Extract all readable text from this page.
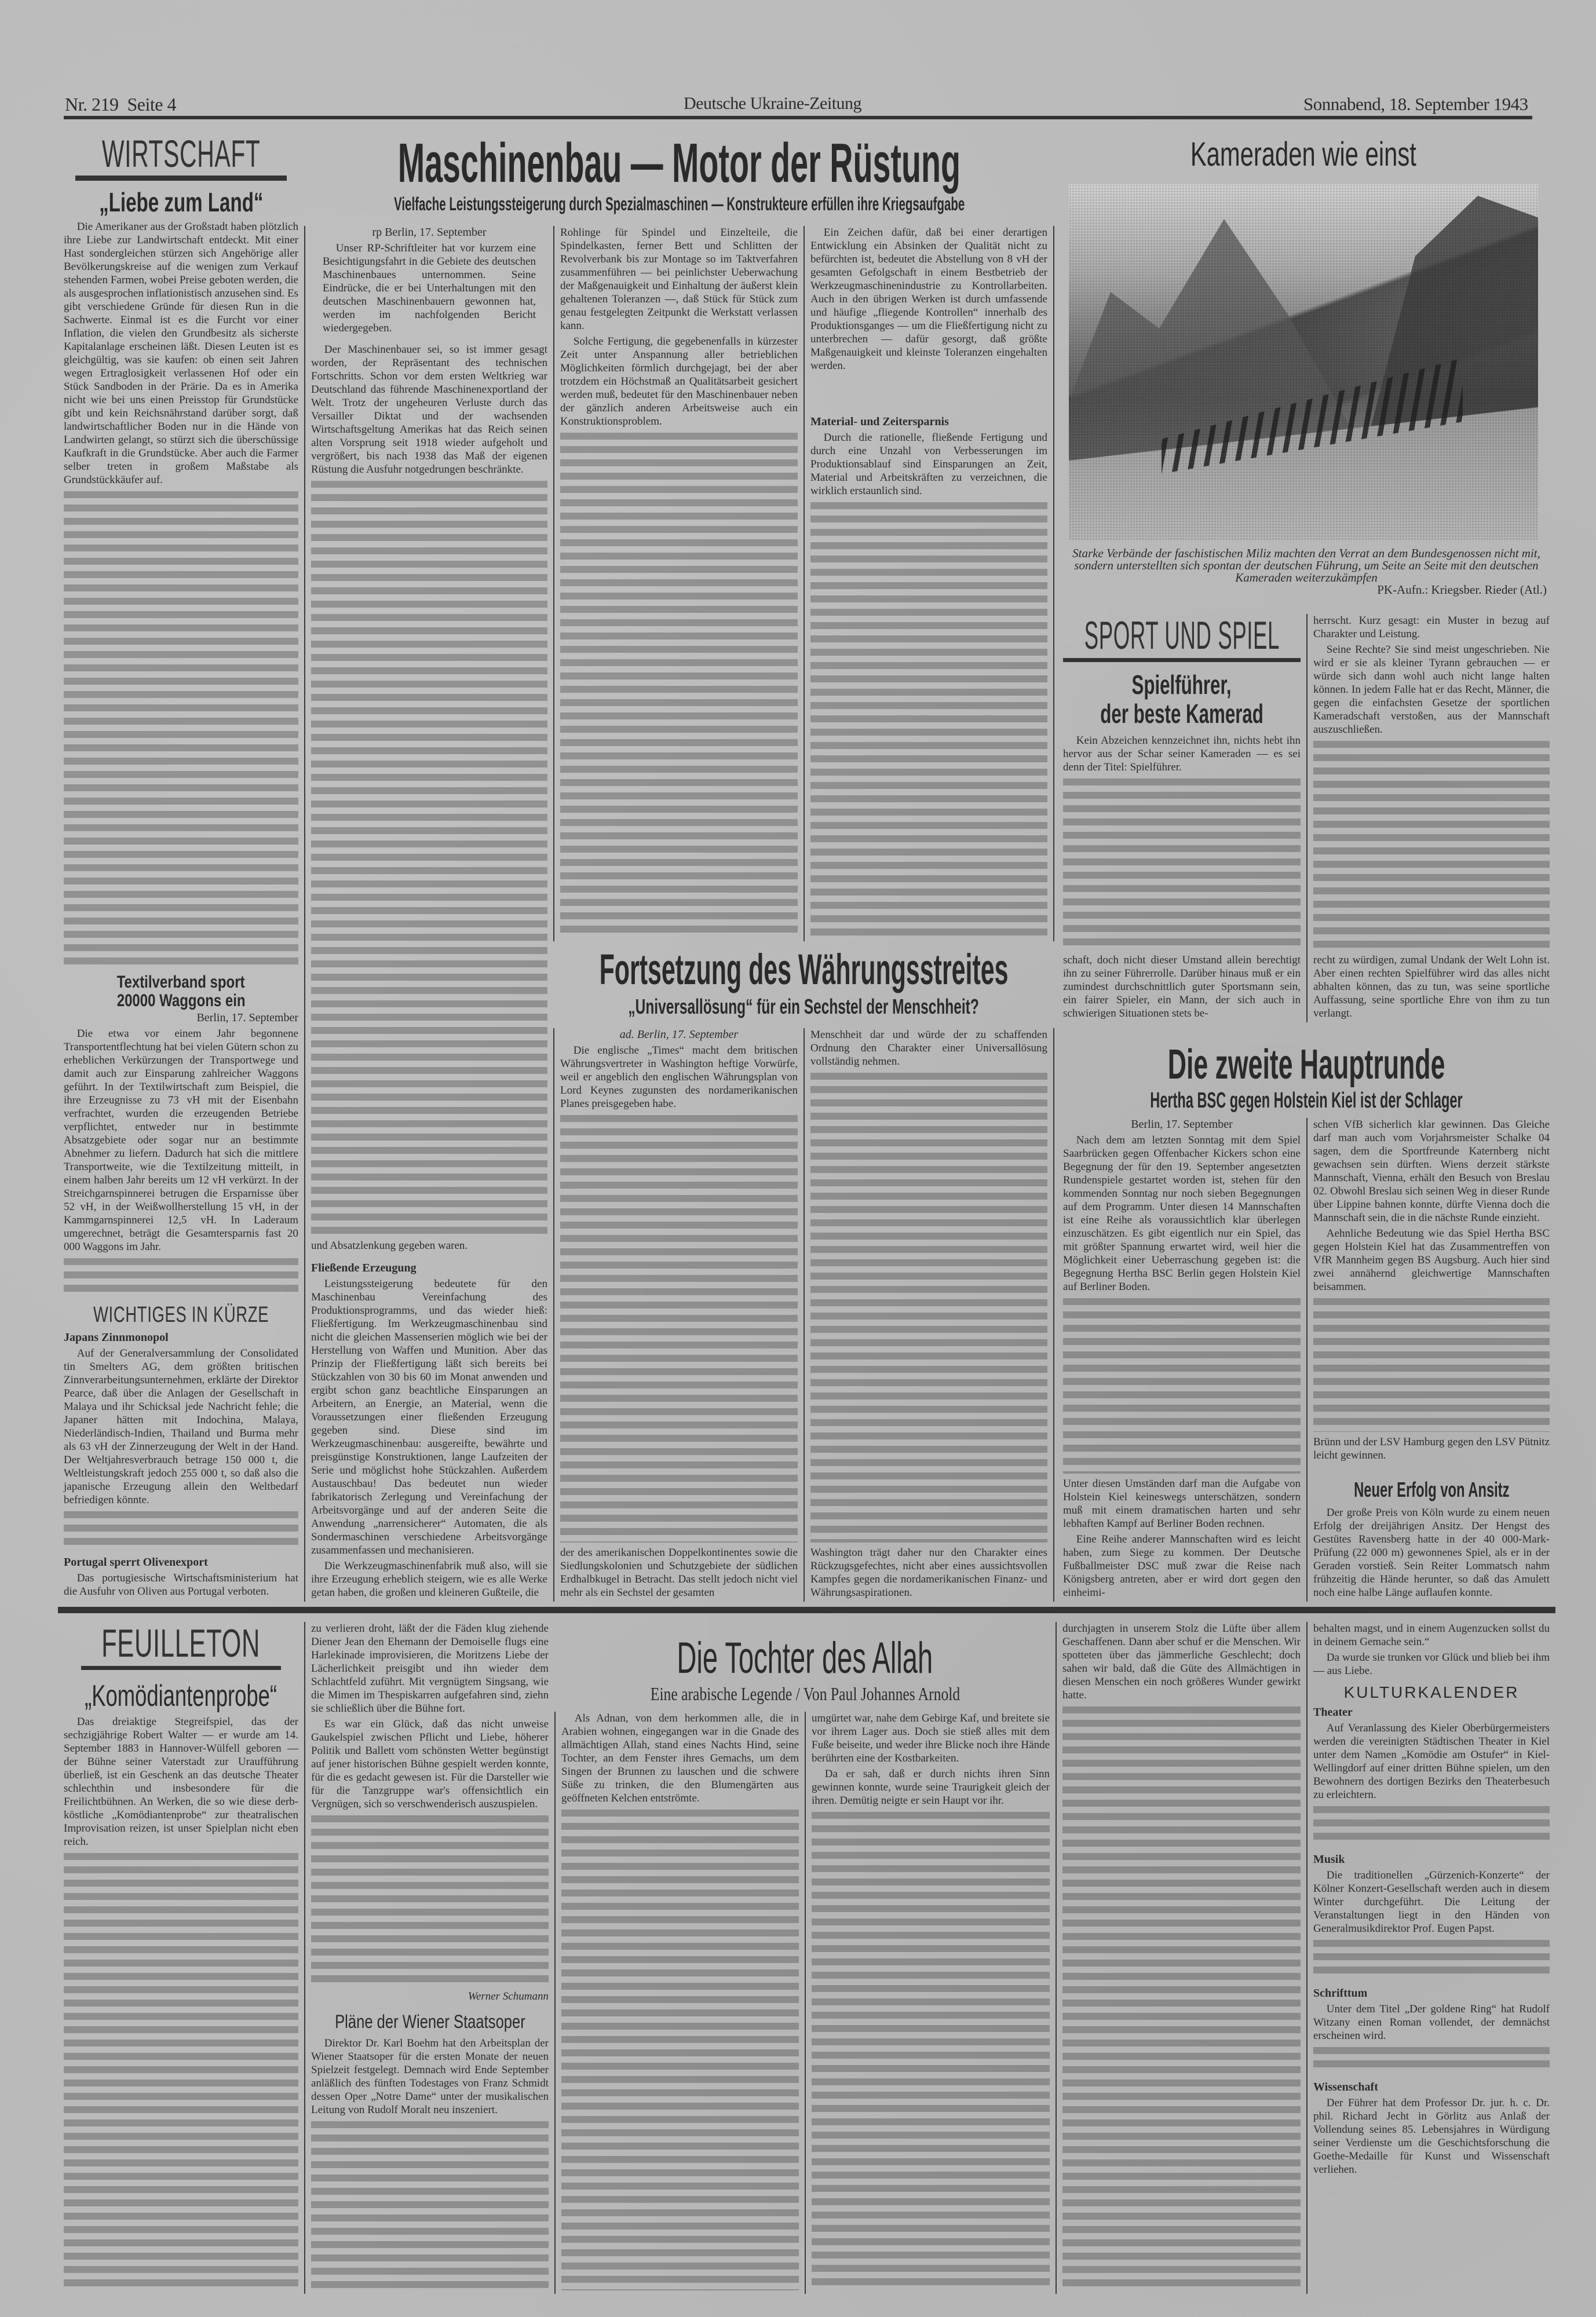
Nr. 219 Seite 4	Deutsche Ukraine-Zeitung	Sonnabend, 18. September 1943
WIRTSCHAFT
„Liebe zum Land“

Die Amerikaner aus der Großstadt haben plötzlich ihre Liebe zur Landwirtschaft entdeckt. Mit einer Hast sondergleichen stürzen sich Angehörige aller Bevölkerungskreise auf die wenigen zum Verkauf stehenden Farmen, wobei Preise geboten werden, die als ausgesprochen inflationistisch anzusehen sind. Es gibt verschiedene Gründe für diesen Run in die Sachwerte. Einmal ist es die Furcht vor einer Inflation, die vielen den Grundbesitz als sicherste Kapitalanlage erscheinen läßt. Diesen Leuten ist es gleichgültig, was sie kaufen: ob einen seit Jahren wegen Ertraglosigkeit verlassenen Hof oder ein Stück Sandboden in der Prärie. Da es in Amerika nicht wie bei uns einen Preisstop für Grundstücke gibt und kein Reichsnährstand darüber sorgt, daß landwirtschaftlicher Boden nur in die Hände von Landwirten gelangt, so stürzt sich die überschüssige Kaufkraft in die Grundstücke. Aber auch die Farmer selber treten in großem Maßstabe als Grundstückkäufer auf.

Textilverband sport
20000 Waggons ein
Berlin, 17. September

Die etwa vor einem Jahr begonnene Transportentflechtung hat bei vielen Gütern schon zu erheblichen Verkürzungen der Transportwege und damit auch zur Einsparung zahlreicher Waggons geführt. In der Textilwirtschaft zum Beispiel, die ihre Erzeugnisse zu 73 vH mit der Eisenbahn verfrachtet, wurden die erzeugenden Betriebe verpflichtet, entweder nur in bestimmte Absatzgebiete oder sogar nur an bestimmte Abnehmer zu liefern. Dadurch hat sich die mittlere Transportweite, wie die Textilzeitung mitteilt, in einem halben Jahr bereits um 12 vH verkürzt. In der Streichgarnspinnerei betrugen die Ersparnisse über 52 vH, in der Weißwollherstellung 15 vH, in der Kammgarnspinnerei 12,5 vH. In Laderaum umgerechnet, beträgt die Gesamtersparnis fast 20 000 Waggons im Jahr.

WICHTIGES IN KÜRZE
Japans Zinnmonopol

Auf der Generalversammlung der Consolidated tin Smelters AG, dem größten britischen Zinnverarbeitungsunternehmen, erklärte der Direktor Pearce, daß über die Anlagen der Gesellschaft in Malaya und ihr Schicksal jede Nachricht fehle; die Japaner hätten mit Indochina, Malaya, Niederländisch-Indien, Thailand und Burma mehr als 63 vH der Zinnerzeugung der Welt in der Hand. Der Weltjahresverbrauch betrage 150 000 t, die Weltleistungskraft jedoch 255 000 t, so daß also die japanische Erzeugung allein den Weltbedarf befriedigen könnte.

Portugal sperrt Olivenexport

Das portugiesische Wirtschaftsministerium hat die Ausfuhr von Oliven aus Portugal verboten.

Maschinenbau — Motor der Rüstung
Vielfache Leistungssteigerung durch Spezialmaschinen — Konstrukteure erfüllen ihre Kriegsaufgabe
rp Berlin, 17. September

Unser RP-Schriftleiter hat vor kurzem eine Besichtigungsfahrt in die Gebiete des deutschen Maschinenbaues unternommen. Seine Eindrücke, die er bei Unterhaltungen mit den deutschen Maschinenbauern gewonnen hat, werden im nachfolgenden Bericht wiedergegeben.

Der Maschinenbauer sei, so ist immer gesagt worden, der Repräsentant des technischen Fortschritts. Schon vor dem ersten Weltkrieg war Deutschland das führende Maschinenexportland der Welt. Trotz der ungeheuren Verluste durch das Versailler Diktat und der wachsenden Wirtschaftsgeltung Amerikas hat das Reich seinen alten Vorsprung seit 1918 wieder aufgeholt und vergrößert, bis nach 1938 das Maß der eigenen Rüstung die Ausfuhr notgedrungen beschränkte.

und Absatzlenkung gegeben waren.

Fließende Erzeugung

Leistungssteigerung bedeutete für den Maschinenbau Vereinfachung des Produktionsprogramms, und das wieder hieß: Fließfertigung. Im Werkzeugmaschinenbau sind nicht die gleichen Massenserien möglich wie bei der Herstellung von Waffen und Munition. Aber das Prinzip der Fließfertigung läßt sich bereits bei Stückzahlen von 30 bis 60 im Monat anwenden und ergibt schon ganz beachtliche Einsparungen an Arbeitern, an Energie, an Material, wenn die Voraussetzungen einer fließenden Erzeugung gegeben sind. Diese sind im Werkzeugmaschinenbau: ausgereifte, bewährte und preisgünstige Konstruktionen, lange Laufzeiten der Serie und möglichst hohe Stückzahlen. Außerdem Austauschbau! Das bedeutet nun wieder fabrikatorisch Zerlegung und Vereinfachung der Arbeitsvorgänge und auf der anderen Seite die Anwendung „narrensicherer“ Automaten, die als Sondermaschinen verschiedene Arbeitsvorgänge zusammenfassen und mechanisieren.

Die Werkzeugmaschinenfabrik muß also, will sie ihre Erzeugung erheblich steigern, wie es alle Werke getan haben, die großen und kleineren Gußteile, die

Rohlinge für Spindel und Einzelteile, die Spindelkasten, ferner Bett und Schlitten der Revolverbank bis zur Montage so im Taktverfahren zusammenführen — bei peinlichster Ueberwachung der Maßgenauigkeit und Einhaltung der äußerst klein gehaltenen Toleranzen —, daß Stück für Stück zum genau festgelegten Zeitpunkt die Werkstatt verlassen kann.

Solche Fertigung, die gegebenenfalls in kürzester Zeit unter Anspannung aller betrieblichen Möglichkeiten förmlich durchgejagt, bei der aber trotzdem ein Höchstmaß an Qualitätsarbeit gesichert werden muß, bedeutet für den Maschinenbauer neben der gänzlich anderen Arbeitsweise auch ein Konstruktionsproblem.

Ein Zeichen dafür, daß bei einer derartigen Entwicklung ein Absinken der Qualität nicht zu befürchten ist, bedeutet die Abstellung von 8 vH der gesamten Gefolgschaft in einem Bestbetrieb der Werkzeugmaschinenindustrie zu Kontrollarbeiten. Auch in den übrigen Werken ist durch umfassende und häufige „fliegende Kontrollen“ innerhalb des Produktionsganges — um die Fließfertigung nicht zu unterbrechen — dafür gesorgt, daß größte Maßgenauigkeit und kleinste Toleranzen eingehalten werden.

Material- und Zeitersparnis

Durch die rationelle, fließende Fertigung und durch eine Unzahl von Verbesserungen im Produktionsablauf sind Einsparungen an Zeit, Material und Arbeitskräften zu verzeichnen, die wirklich erstaunlich sind.

Fortsetzung des Währungsstreites
„Universallösung“ für ein Sechstel der Menschheit?
ad. Berlin, 17. September

Die englische „Times“ macht dem britischen Währungsvertreter in Washington heftige Vorwürfe, weil er angeblich den englischen Währungsplan von Lord Keynes zugunsten des nordamerikanischen Planes preisgegeben habe.

der des amerikanischen Doppelkontinentes sowie die Siedlungskolonien und Schutzgebiete der südlichen Erdhalbkugel in Betracht. Das stellt jedoch nicht viel mehr als ein Sechstel der gesamten

Menschheit dar und würde der zu schaffenden Ordnung den Charakter einer Universallösung vollständig nehmen.

Washington trägt daher nur den Charakter eines Rückzugsgefechtes, nicht aber eines aussichtsvollen Kampfes gegen die nordamerikanischen Finanz- und Währungsaspirationen.

Kameraden wie einst
Starke Verbände der faschistischen Miliz machten den Verrat an dem Bundesgenossen nicht mit, sondern unterstellten sich spontan der deutschen Führung, um Seite an Seite mit den deutschen Kameraden weiterzukämpfen
PK-Aufn.: Kriegsber. Rieder (Atl.)
SPORT UND SPIEL
Spielführer,
der beste Kamerad

Kein Abzeichen kennzeichnet ihn, nichts hebt ihn hervor aus der Schar seiner Kameraden — es sei denn der Titel: Spielführer.

schaft, doch nicht dieser Umstand allein berechtigt ihn zu seiner Führerrolle. Darüber hinaus muß er ein zumindest durchschnittlich guter Sportsmann sein, ein fairer Spieler, ein Mann, der sich auch in schwierigen Situationen stets be-

herrscht. Kurz gesagt: ein Muster in bezug auf Charakter und Leistung.

Seine Rechte? Sie sind meist ungeschrieben. Nie wird er sie als kleiner Tyrann gebrauchen — er würde sich dann wohl auch nicht lange halten können. In jedem Falle hat er das Recht, Männer, die gegen die einfachsten Gesetze der sportlichen Kameradschaft verstoßen, aus der Mannschaft auszuschließen.

recht zu würdigen, zumal Undank der Welt Lohn ist. Aber einen rechten Spielführer wird das alles nicht abhalten können, das zu tun, was seine sportliche Auffassung, seine sportliche Ehre von ihm zu tun verlangt.

Die zweite Hauptrunde
Hertha BSC gegen Holstein Kiel ist der Schlager
Berlin, 17. September

Nach dem am letzten Sonntag mit dem Spiel Saarbrücken gegen Offenbacher Kickers schon eine Begegnung der für den 19. September angesetzten Rundenspiele gestartet worden ist, stehen für den kommenden Sonntag nur noch sieben Begegnungen auf dem Programm. Unter diesen 14 Mannschaften ist eine Reihe als voraussichtlich klar überlegen einzuschätzen. Es gibt eigentlich nur ein Spiel, das mit größter Spannung erwartet wird, weil hier die Möglichkeit einer Ueberraschung gegeben ist: die Begegnung Hertha BSC Berlin gegen Holstein Kiel auf Berliner Boden.

Unter diesen Umständen darf man die Aufgabe von Holstein Kiel keineswegs unterschätzen, sondern muß mit einem dramatischen harten und sehr lebhaften Kampf auf Berliner Boden rechnen.

Eine Reihe anderer Mannschaften wird es leicht haben, zum Siege zu kommen. Der Deutsche Fußballmeister DSC muß zwar die Reise nach Königsberg antreten, aber er wird dort gegen den einheimi-

schen VfB sicherlich klar gewinnen. Das Gleiche darf man auch vom Vorjahrsmeister Schalke 04 sagen, dem die Sportfreunde Katernberg nicht gewachsen sein dürften. Wiens derzeit stärkste Mannschaft, Vienna, erhält den Besuch von Breslau 02. Obwohl Breslau sich seinen Weg in dieser Runde über Lippine bahnen konnte, dürfte Vienna doch die Mannschaft sein, die in die nächste Runde einzieht.

Aehnliche Bedeutung wie das Spiel Hertha BSC gegen Holstein Kiel hat das Zusammentreffen von VfR Mannheim gegen BS Augsburg. Auch hier sind zwei annähernd gleichwertige Mannschaften beisammen.

Brünn und der LSV Hamburg gegen den LSV Pütnitz leicht gewinnen.

Neuer Erfolg von Ansitz

Der große Preis von Köln wurde zu einem neuen Erfolg der dreijährigen Ansitz. Der Hengst des Gestütes Ravensberg hatte in der 40 000-Mark-Prüfung (22 000 m) gewonnenes Spiel, als er in der Geraden vorstieß. Sein Reiter Lommatsch nahm frühzeitig die Hände herunter, so daß das Amulett noch eine halbe Länge auflaufen konnte.

FEUILLETON
„Komödiantenprobe“

Das dreiaktige Stegreifspiel, das der sechzigjährige Robert Walter — er wurde am 14. September 1883 in Hannover-Wülfell geboren — der Bühne seiner Vaterstadt zur Uraufführung überließ, ist ein Geschenk an das deutsche Theater schlechthin und insbesondere für die Freilichtbühnen. An Werken, die so wie diese derb-köstliche „Komödiantenprobe“ zur theatralischen Improvisation reizen, ist unser Spielplan nicht eben reich.

zu verlieren droht, läßt der die Fäden klug ziehende Diener Jean den Ehemann der Demoiselle flugs eine Harlekinade improvisieren, die Moritzens Liebe der Lächerlichkeit preisgibt und ihn wieder dem Schlachtfeld zuführt. Mit vergnügtem Singsang, wie die Mimen im Thespiskarren aufgefahren sind, ziehn sie schließlich über die Bühne fort.

Es war ein Glück, daß das nicht unweise Gaukelspiel zwischen Pflicht und Liebe, höherer Politik und Ballett vom schönsten Wetter begünstigt auf jener historischen Bühne gespielt werden konnte, für die es gedacht gewesen ist. Für die Darsteller wie für die Tanzgruppe war's offensichtlich ein Vergnügen, sich so verschwenderisch auszuspielen.

Werner Schumann
Pläne der Wiener Staatsoper

Direktor Dr. Karl Boehm hat den Arbeitsplan der Wiener Staatsoper für die ersten Monate der neuen Spielzeit festgelegt. Demnach wird Ende September anläßlich des fünften Todestages von Franz Schmidt dessen Oper „Notre Dame“ unter der musikalischen Leitung von Rudolf Moralt neu inszeniert.

Die Tochter des Allah
Eine arabische Legende / Von Paul Johannes Arnold

Als Adnan, von dem herkommen alle, die in Arabien wohnen, eingegangen war in die Gnade des allmächtigen Allah, stand eines Nachts Hind, seine Tochter, an dem Fenster ihres Gemachs, um dem Singen der Brunnen zu lauschen und die schwere Süße zu trinken, die den Blumengärten aus geöffneten Kelchen entströmte.

umgürtet war, nahe dem Gebirge Kaf, und breitete sie vor ihrem Lager aus. Doch sie stieß alles mit dem Fuße beiseite, und weder ihre Blicke noch ihre Hände berührten eine der Kostbarkeiten.

Da er sah, daß er durch nichts ihren Sinn gewinnen konnte, wurde seine Traurigkeit gleich der ihren. Demütig neigte er sein Haupt vor ihr.

durchjagten in unserem Stolz die Lüfte über allem Geschaffenen. Dann aber schuf er die Menschen. Wir spotteten über das jämmerliche Geschlecht; doch sahen wir bald, daß die Güte des Allmächtigen in diesen Menschen ein noch größeres Wunder gewirkt hatte.

behalten magst, und in einem Augenzucken sollst du in deinem Gemache sein.“

Da wurde sie trunken vor Glück und blieb bei ihm — aus Liebe.

KULTURKALENDER
Theater

Auf Veranlassung des Kieler Oberbürgermeisters werden die vereinigten Städtischen Theater in Kiel unter dem Namen „Komödie am Ostufer“ in Kiel-Wellingdorf auf einer dritten Bühne spielen, um den Bewohnern des dortigen Bezirks den Theaterbesuch zu erleichtern.

Musik

Die traditionellen „Gürzenich-Konzerte“ der Kölner Konzert-Gesellschaft werden auch in diesem Winter durchgeführt. Die Leitung der Veranstaltungen liegt in den Händen von Generalmusikdirektor Prof. Eugen Papst.

Schrifttum

Unter dem Titel „Der goldene Ring“ hat Rudolf Witzany einen Roman vollendet, der demnächst erscheinen wird.

Wissenschaft

Der Führer hat dem Professor Dr. jur. h. c. Dr. phil. Richard Jecht in Görlitz aus Anlaß der Vollendung seines 85. Lebensjahres in Würdigung seiner Verdienste um die Geschichtsforschung die Goethe-Medaille für Kunst und Wissenschaft verliehen.
